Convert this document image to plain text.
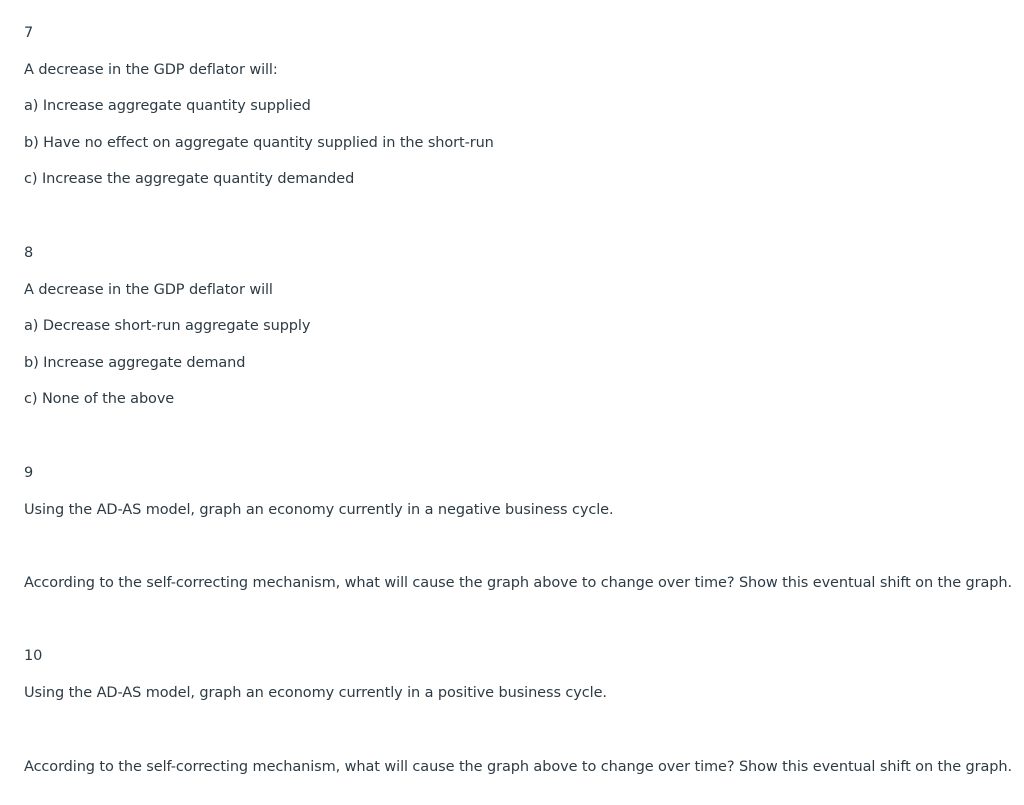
7
A decrease in the GDP deflator will:
a) Increase aggregate quantity supplied
b) Have no effect on aggregate quantity supplied in the short-run
c) Increase the aggregate quantity demanded
8
A decrease in the GDP deflator will
a) Decrease short-run aggregate supply
b) Increase aggregate demand
c) None of the above
9
Using the AD-AS model, graph an economy currently in a negative business cycle.
According to the self-correcting mechanism, what will cause the graph above to change over time? Show this eventual shift on the graph.
10
Using the AD-AS model, graph an economy currently in a positive business cycle.
According to the self-correcting mechanism, what will cause the graph above to change over time? Show this eventual shift on the graph.
